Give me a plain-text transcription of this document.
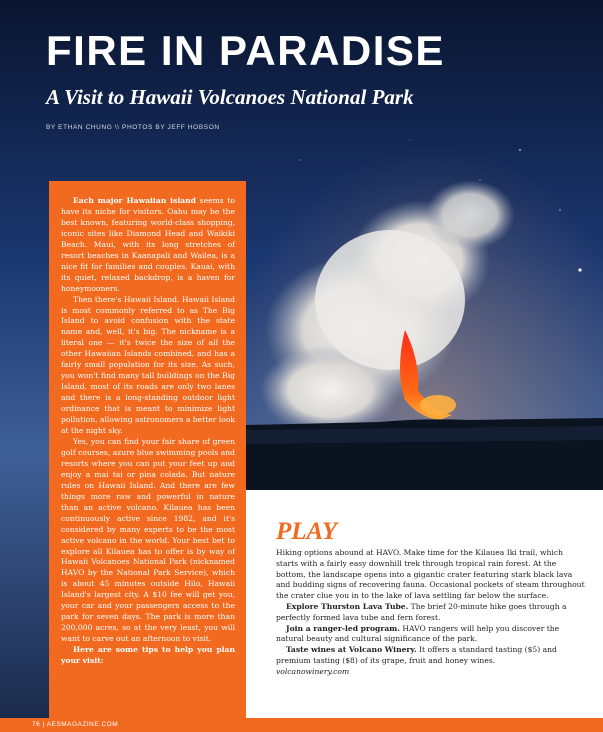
FIRE IN PARADISE
A Visit to Hawaii Volcanoes National Park
BY ETHAN CHUNG \\ PHOTOS BY JEFF HOBSON

Each major Hawaiian island seems to have its niche for visitors. Oahu may be the best known, featuring world-class shopping, iconic sites like Diamond Head and Waikiki Beach. Maui, with its long stretches of resort beaches in Kaanapali and Wailea, is a nice fit for families and couples. Kauai, with its quiet, relaxed backdrop, is a haven for honeymooners.

Then there's Hawaii Island. Hawaii Island is most commonly referred to as The Big Island to avoid confusion with the state name and, well, it's big. The nickname is a literal one — it's twice the size of all the other Hawaiian Islands combined, and has a fairly small population for its size. As such, you won't find many tall buildings on the Big Island, most of its roads are only two lanes and there is a long-standing outdoor light ordinance that is meant to minimize light pollution, allowing astronomers a better look at the night sky.

Yes, you can find your fair share of green golf courses, azure blue swimming pools and resorts where you can put your feet up and enjoy a mai tai or pina colada. But nature rules on Hawaii Island. And there are few things more raw and powerful in nature than an active volcano. Kilauea has been continuously active since 1982, and it's considered by many experts to be the most active volcano in the world. Your best bet to explore all Kilauea has to offer is by way of Hawaii Volcanoes National Park (nicknamed HAVO by the National Park Service), which is about 45 minutes outside Hilo, Hawaii Island's largest city. A $10 fee will get you, your car and your passengers access to the park for seven days. The park is more than 200,000 acres, so at the very least, you will want to carve out an afternoon to visit.

Here are some tips to help you plan your visit:

PLAY

Hiking options abound at HAVO. Make time for the Kilauea Iki trail, which starts with a fairly easy downhill trek through tropical rain forest. At the bottom, the landscape opens into a gigantic crater featuring stark black lava and budding signs of recovering fauna. Occasional pockets of steam throughout the crater clue you in to the lake of lava settling far below the surface.

Explore Thurston Lava Tube. The brief 20-minute hike goes through a perfectly formed lava tube and fern forest.

Join a ranger-led program. HAVO rangers will help you discover the natural beauty and cultural significance of the park.

Taste wines at Volcano Winery. It offers a standard tasting ($5) and premium tasting ($8) of its grape, fruit and honey wines.

volcanowinery.com

76 | AESMAGAZINE.COM
